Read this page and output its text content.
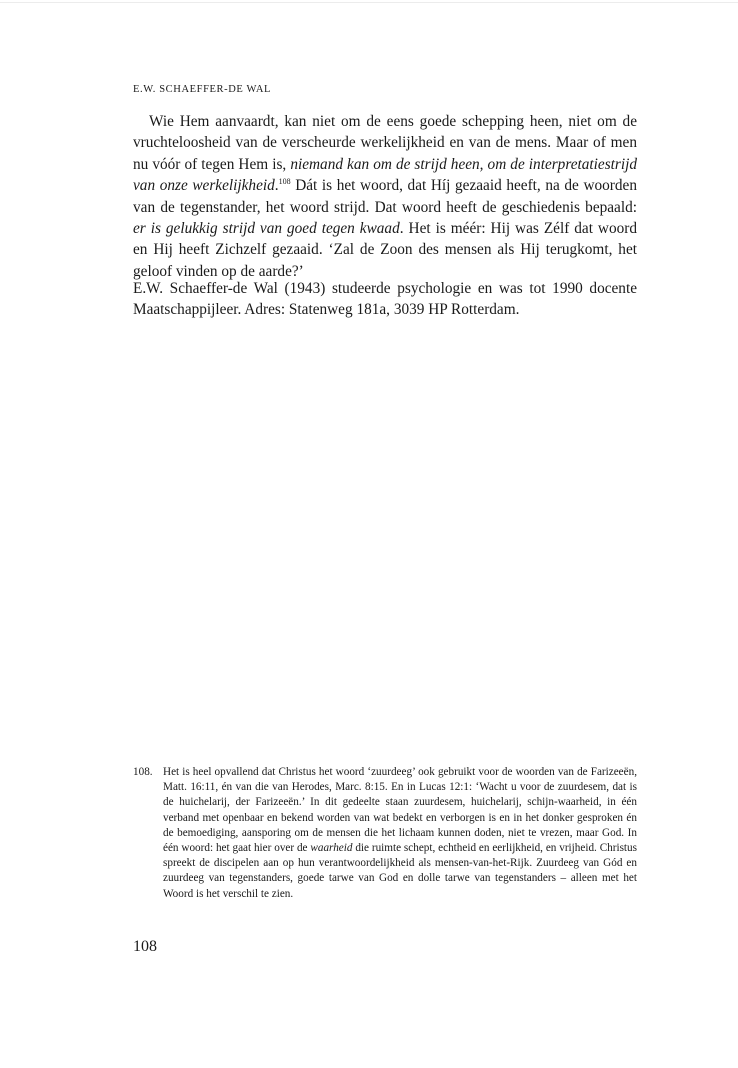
E.W. SCHAEFFER-DE WAL

Wie Hem aanvaardt, kan niet om de eens goede schepping heen, niet om de vruchteloosheid van de verscheurde werkelijkheid en van de mens. Maar of men nu vóór of tegen Hem is, niemand kan om de strijd heen, om de interpretatiestrijd van onze werkelijkheid.$^{108}$ Dát is het woord, dat Híj gezaaid heeft, na de woorden van de tegenstander, het woord strijd. Dat woord heeft de geschiedenis bepaald: er is gelukkig strijd van goed tegen kwaad. Het is méér: Hij was Zélf dat woord en Hij heeft Zichzelf gezaaid. ‘Zal de Zoon des mensen als Hij terugkomt, het geloof vinden op de aarde?’

E.W. Schaeffer-de Wal (1943) studeerde psychologie en was tot 1990 docente Maatschappijleer. Adres: Statenweg 181a, 3039 HP Rotterdam.

108. Het is heel opvallend dat Christus het woord ‘zuurdeeg’ ook gebruikt voor de woorden van de Farizeeën, Matt. 16:11, én van die van Herodes, Marc. 8:15. En in Lucas 12:1: ‘Wacht u voor de zuurdesem, dat is de huichelarij, der Farizeeën.’ In dit gedeelte staan zuurdesem, huichelarij, schijn-waarheid, in één verband met openbaar en bekend worden van wat bedekt en verborgen is en in het donker gesproken én de bemoediging, aansporing om de mensen die het lichaam kunnen doden, niet te vrezen, maar God. In één woord: het gaat hier over de waarheid die ruimte schept, echtheid en eerlijkheid, en vrijheid. Christus spreekt de discipelen aan op hun verantwoordelijkheid als mensen-van-het-Rijk. Zuurdeeg van Gód en zuurdeeg van tegenstanders, goede tarwe van God en dolle tarwe van tegenstanders – alleen met het Woord is het verschil te zien.
108
